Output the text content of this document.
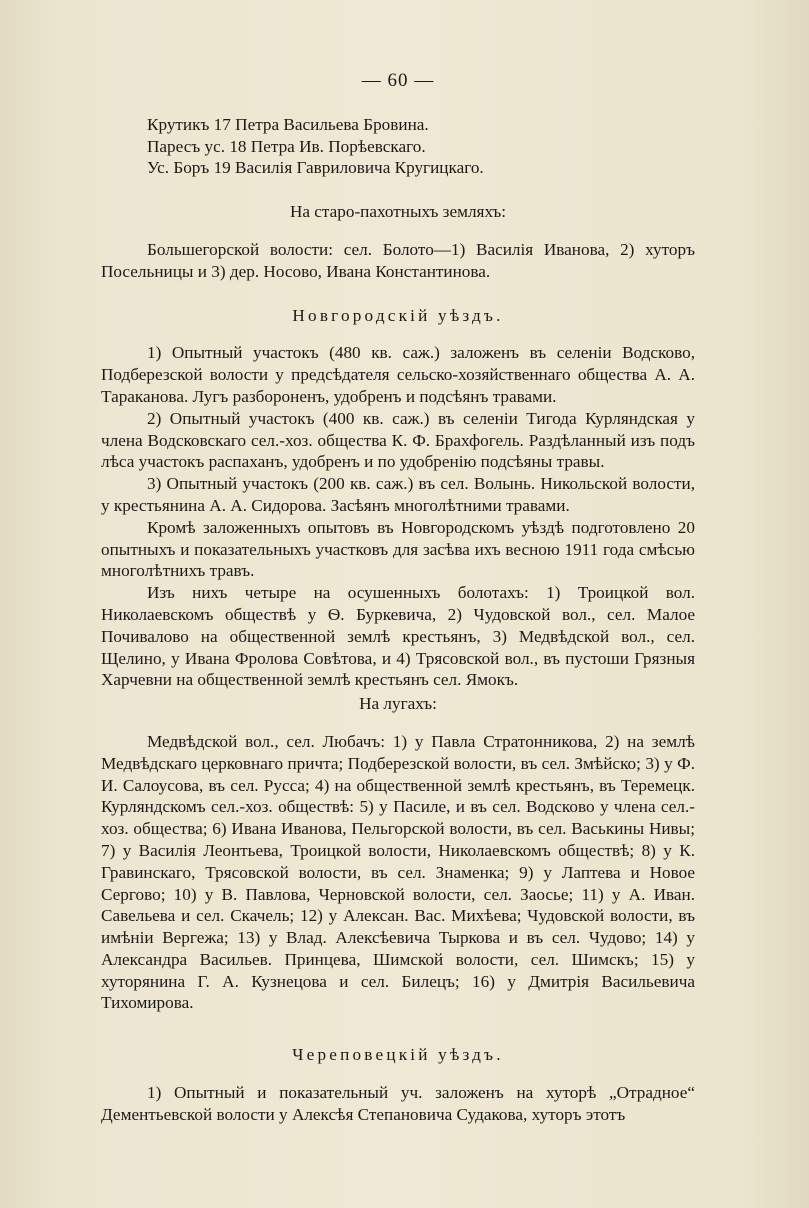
— 60 —

Крутикъ 17 Петра Васильева Бровина.

Пaресъ ус. 18 Петра Ив. Порѣевскаго.

Ус. Боръ 19 Василія Гавриловича Кругицкаго.

На старо-пахотныхъ земляхъ:

Большегорской волости: сел. Болото—1) Василія Иванова, 2) хуторъ Посельницы и 3) дер. Носово, Ивана Константинова.

Новгородскій уѣздъ.

1) Опытный участокъ (480 кв. саж.) заложенъ въ селеніи Водсково, Подберезской волости у предсѣдателя сельско-хозяйственнаго общества А. А. Тараканова. Лугъ разбороненъ, удобренъ и подсѣянъ травами.

2) Опытный участокъ (400 кв. саж.) въ селеніи Тигода Курляндская у члена Водсковскаго сел.-хоз. общества К. Ф. Брахфогель. Раздѣланный изъ подъ лѣса участокъ распаханъ, удобренъ и по удобренію подсѣяны травы.

3) Опытный участокъ (200 кв. саж.) въ сел. Волынь. Никольской волости, у крестьянина А. А. Сидорова. Засѣянъ многолѣтними травами.

Кромѣ заложенныхъ опытовъ въ Новгородскомъ уѣздѣ подготовлено 20 опытныхъ и показательныхъ участковъ для засѣва ихъ весною 1911 года смѣсью многолѣтнихъ травъ.

Изъ нихъ четыре на осушенныхъ болотахъ: 1) Троицкой вол. Николаевскомъ обществѣ у Ѳ. Буркевича, 2) Чудовской вол., сел. Малое Почивалово на общественной землѣ крестьянъ, 3) Медвѣдской вол., сел. Щелино, у Ивана Фролова Совѣтова, и 4) Трясовской вол., въ пустоши Грязныя Харчевни на общественной землѣ крестьянъ сел. Ямокъ.

На лугахъ:

Медвѣдской вол., сел. Любачъ: 1) у Павла Стратонникова, 2) на землѣ Медвѣдскаго церковнаго причта; Подберезской волости, въ сел. Змѣйско; 3) у Ф. И. Салоусова, въ сел. Русса; 4) на общественной землѣ крестьянъ, въ Теремецк. Курляндскомъ сел.-хоз. обществѣ: 5) у Пасиле, и въ сел. Водсково у члена сел.-хоз. общества; 6) Ивана Иванова, Пельгорской волости, въ сел. Васькины Нивы; 7) у Василія Леонтьева, Троицкой волости, Николаевскомъ обществѣ; 8) у К. Гравинскаго, Трясовской волости, въ сел. Знаменка; 9) у Лаптева и Новое Сергово; 10) у В. Павлова, Черновской волости, сел. Заосье; 11) у А. Иван. Савельева и сел. Скачель; 12) у Алексан. Вас. Михѣева; Чудовской волости, въ имѣніи Вергежа; 13) у Влад. Алексѣевича Тыркова и въ сел. Чудово; 14) у Александра Васильев. Принцева, Шимской волости, сел. Шимскъ; 15) у хуторянина Г. А. Кузнецова и сел. Билецъ; 16) у Дмитрія Васильевича Тихомирова.

Череповецкій уѣздъ.

1) Опытный и показательный уч. заложенъ на хуторѣ „Отрадное“ Дементьевской волости у Алексѣя Степановича Судакова, хуторъ этотъ
